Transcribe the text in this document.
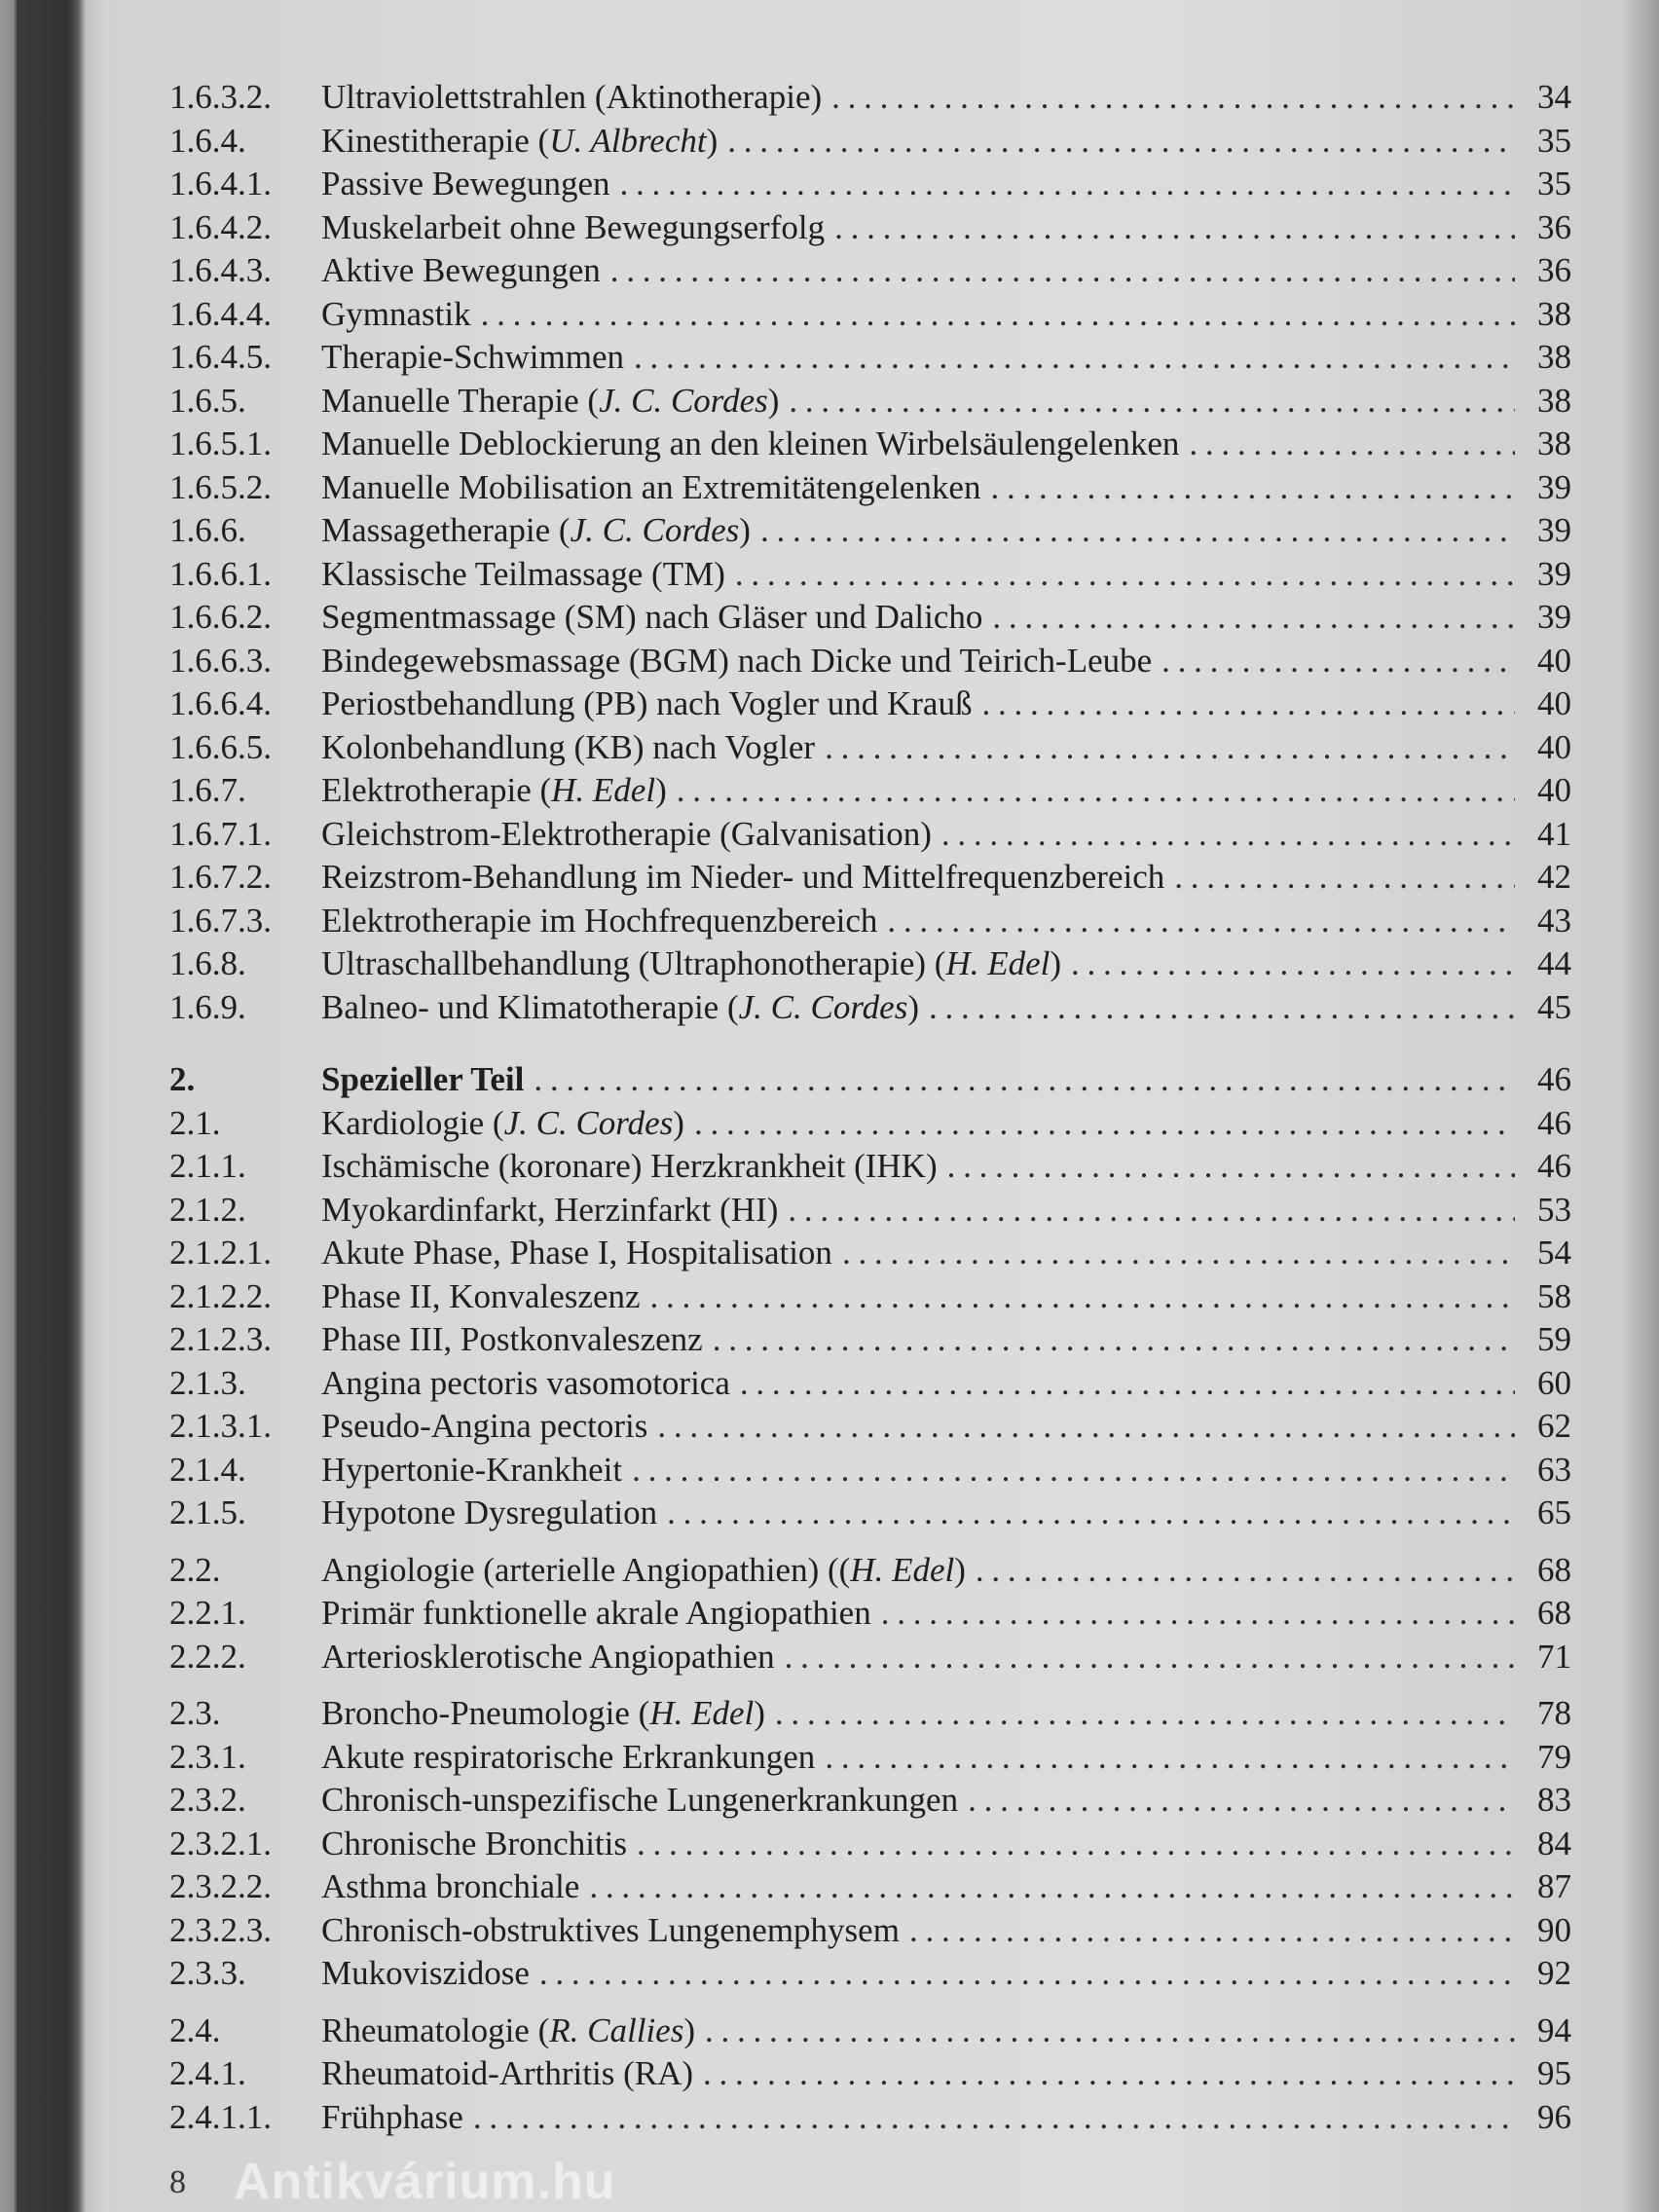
1.6.3.2.	Ultraviolettstrahlen (Aktinotherapie) . . .	34
1.6.4.	Kinestitherapie (U. Albrecht) . . .	35
1.6.4.1.	Passive Bewegungen . . .	35
1.6.4.2.	Muskelarbeit ohne Bewegungserfolg . . .	36
1.6.4.3.	Aktive Bewegungen . . .	36
1.6.4.4.	Gymnastik . . .	38
1.6.4.5.	Therapie-Schwimmen . . .	38
1.6.5.	Manuelle Therapie (J. C. Cordes) . . .	38
1.6.5.1.	Manuelle Deblockierung an den kleinen Wirbelsäulengelenken . . .	38
1.6.5.2.	Manuelle Mobilisation an Extremitätengelenken . . .	39
1.6.6.	Massagetherapie (J. C. Cordes) . . .	39
1.6.6.1.	Klassische Teilmassage (TM) . . .	39
1.6.6.2.	Segmentmassage (SM) nach Gläser und Dalicho . . .	39
1.6.6.3.	Bindegewebsmassage (BGM) nach Dicke und Teirich-Leube . . .	40
1.6.6.4.	Periostbehandlung (PB) nach Vogler und Krauß . . .	40
1.6.6.5.	Kolonbehandlung (KB) nach Vogler . . .	40
1.6.7.	Elektrotherapie (H. Edel) . . .	40
1.6.7.1.	Gleichstrom-Elektrotherapie (Galvanisation) . . .	41
1.6.7.2.	Reizstrom-Behandlung im Nieder- und Mittelfrequenzbereich . . .	42
1.6.7.3.	Elektrotherapie im Hochfrequenzbereich . . .	43
1.6.8.	Ultraschallbehandlung (Ultraphonotherapie) (H. Edel) . . .	44
1.6.9.	Balneo- und Klimatotherapie (J. C. Cordes) . . .	45
2.	Spezieller Teil . . .	46
2.1.	Kardiologie (J. C. Cordes) . . .	46
2.1.1.	Ischämische (koronare) Herzkrankheit (IHK) . . .	46
2.1.2.	Myokardinfarkt, Herzinfarkt (HI) . . .	53
2.1.2.1.	Akute Phase, Phase I, Hospitalisation . . .	54
2.1.2.2.	Phase II, Konvaleszenz . . .	58
2.1.2.3.	Phase III, Postkonvaleszenz . . .	59
2.1.3.	Angina pectoris vasomotorica . . .	60
2.1.3.1.	Pseudo-Angina pectoris . . .	62
2.1.4.	Hypertonie-Krankheit . . .	63
2.1.5.	Hypotone Dysregulation . . .	65
2.2.	Angiologie (arterielle Angiopathien) ((H. Edel) . . .	68
2.2.1.	Primär funktionelle akrale Angiopathien . . .	68
2.2.2.	Arteriosklerotische Angiopathien . . .	71
2.3.	Broncho-Pneumologie (H. Edel) . . .	78
2.3.1.	Akute respiratorische Erkrankungen . . .	79
2.3.2.	Chronisch-unspezifische Lungenerkrankungen . . .	83
2.3.2.1.	Chronische Bronchitis . . .	84
2.3.2.2.	Asthma bronchiale . . .	87
2.3.2.3.	Chronisch-obstruktives Lungenemphysem . . .	90
2.3.3.	Mukoviszidose . . .	92
2.4.	Rheumatologie (R. Callies) . . .	94
2.4.1.	Rheumatoid-Arthritis (RA) . . .	95
2.4.1.1.	Frühphase . . .	96
8 Antikvárium.hu
